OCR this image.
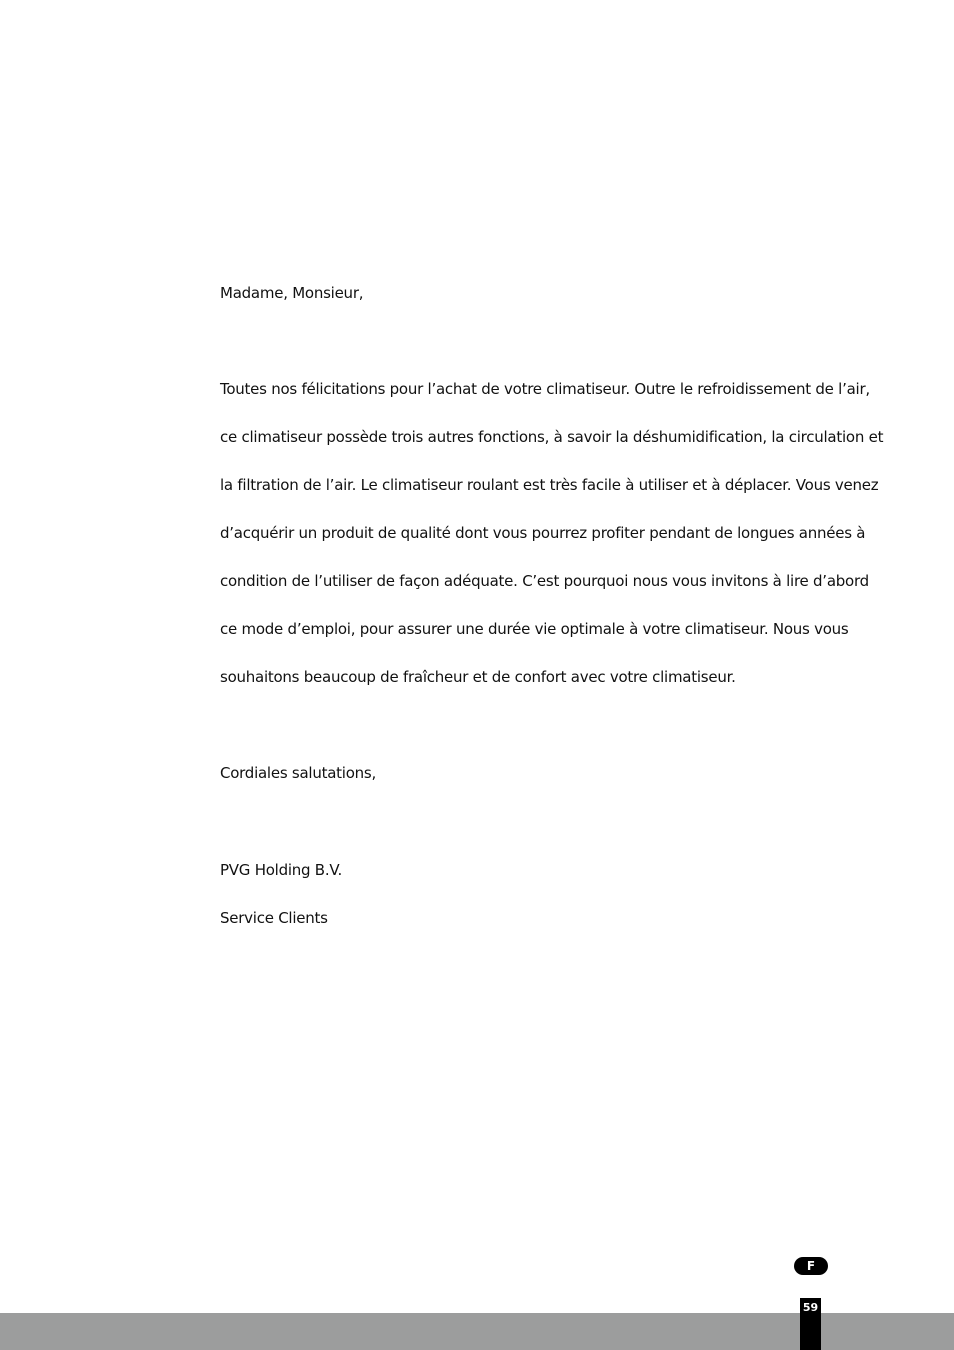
Madame, Monsieur,
Toutes nos félicitations pour l’achat de votre climatiseur. Outre le refroidissement de l’air,
ce climatiseur possède trois autres fonctions, à savoir la déshumidification, la circulation et
la filtration de l’air. Le climatiseur roulant est très facile à utiliser et à déplacer. Vous venez
d’acquérir un produit de qualité dont vous pourrez profiter pendant de longues années à
condition de l’utiliser de façon adéquate. C’est pourquoi nous vous invitons à lire d’abord
ce mode d’emploi, pour assurer une durée vie optimale à votre climatiseur. Nous vous
souhaitons beaucoup de fraîcheur et de confort avec votre climatiseur.
Cordiales salutations,
PVG Holding B.V.
Service Clients
F
59
